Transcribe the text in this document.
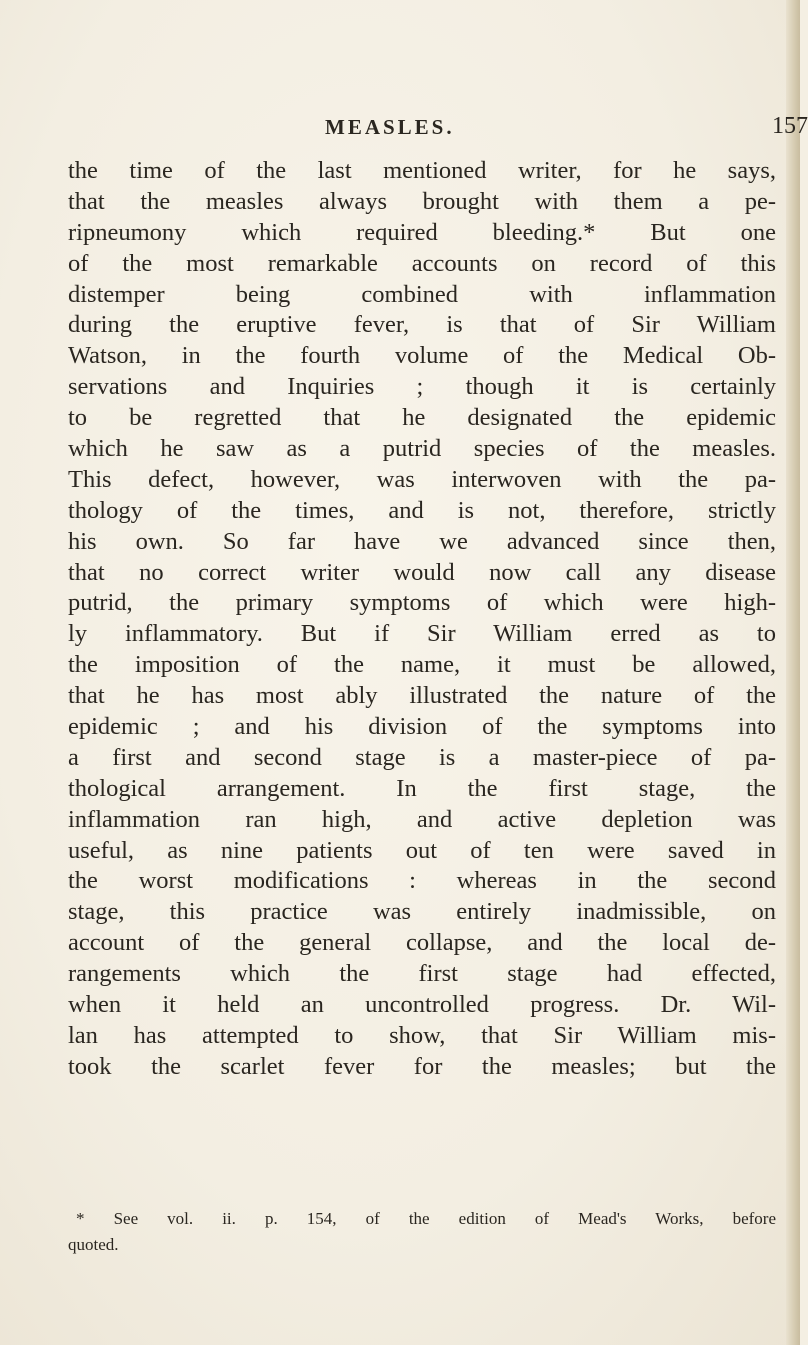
MEASLES.	157
the time of the last mentioned writer, for he says,
that the measles always brought with them a pe-
ripneumony which required bleeding.* But one
of the most remarkable accounts on record of this
distemper being combined with inflammation
during the eruptive fever, is that of Sir William
Watson, in the fourth volume of the Medical Ob-
servations and Inquiries ; though it is certainly
to be regretted that he designated the epidemic
which he saw as a putrid species of the measles.
This defect, however, was interwoven with the pa-
thology of the times, and is not, therefore, strictly
his own. So far have we advanced since then,
that no correct writer would now call any disease
putrid, the primary symptoms of which were high-
ly inflammatory. But if Sir William erred as to
the imposition of the name, it must be allowed,
that he has most ably illustrated the nature of the
epidemic ; and his division of the symptoms into
a first and second stage is a master-piece of pa-
thological arrangement. In the first stage, the
inflammation ran high, and active depletion was
useful, as nine patients out of ten were saved in
the worst modifications : whereas in the second
stage, this practice was entirely inadmissible, on
account of the general collapse, and the local de-
rangements which the first stage had effected,
when it held an uncontrolled progress. Dr. Wil-
lan has attempted to show, that Sir William mis-
took the scarlet fever for the measles; but the
* See vol. ii. p. 154, of the edition of Mead's Works, before
quoted.
